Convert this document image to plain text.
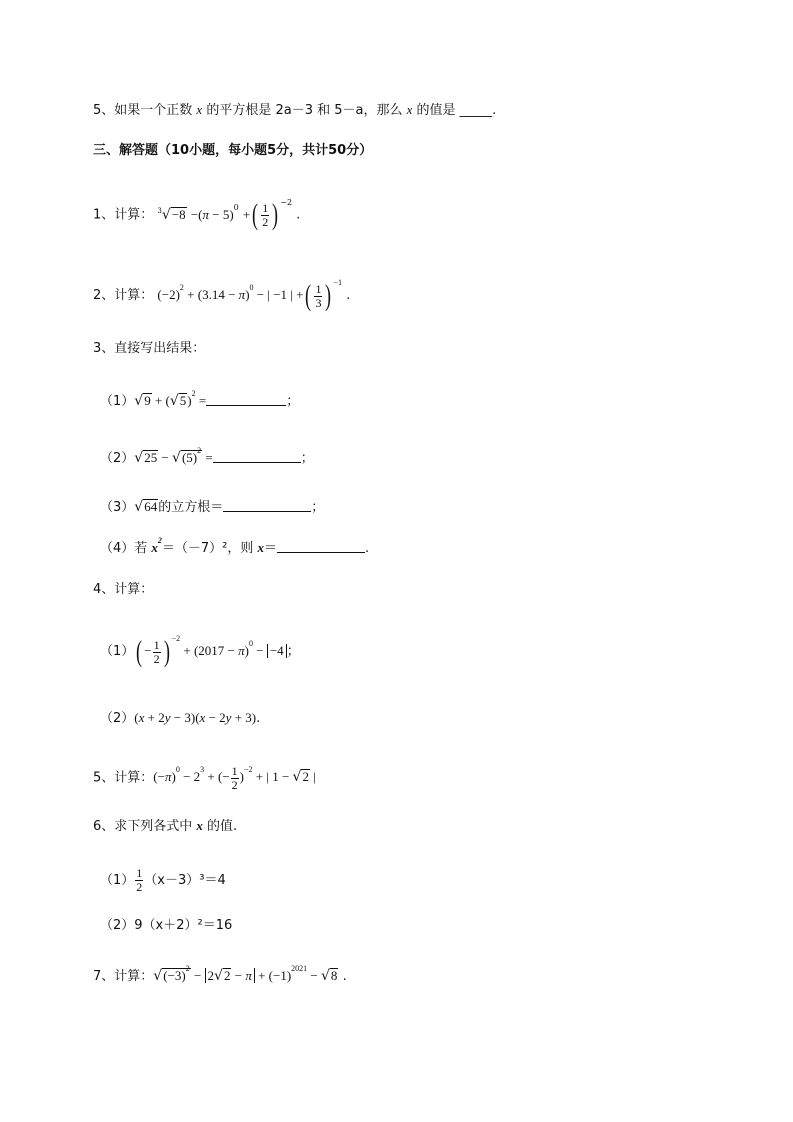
5、如果一个正数 x 的平方根是 2a－3 和 5－a，那么 x 的值是 _____.
三、解答题（10小题，每小题5分，共计50分）
1、计算： $^3√-8 -(\pi - 5)^0$ +( $\frac{1}{2}$ ) $^{-2}$ .
2、计算： $(-2)^2 + (3.14 - \pi)^0$ − | −1 | +( $\frac{1}{3}$ ) $^{-1}$ .
3、直接写出结果：
$(1)√9 + (√5)^2$ =	；
$(2)√25 - √(5)^2$ =	；
（3）√64的立方根＝	；
（4）若 $x^2=(-7)^2$，则 x＝	.
4、计算：
$(1)( - \frac{1}{2}$ ) $^{-2} + (2017 - \pi)^0 - -4$ ；
（2）(x + 2y − 3)(x − 2y + 3).
5、计算：$(-\pi)^0 - 2^3$ + (− $\frac{1}{2} )^{-2}$ + | 1 − √2 |
6、求下列各式中 x 的值.
$(1) \frac{1}{2} (x-3)^3=4$
（2）9（x＋2）²＝16
7、计算：$√(-3)^2 - 2√2 - \pi + (-1)^{2021} - √8$ .
